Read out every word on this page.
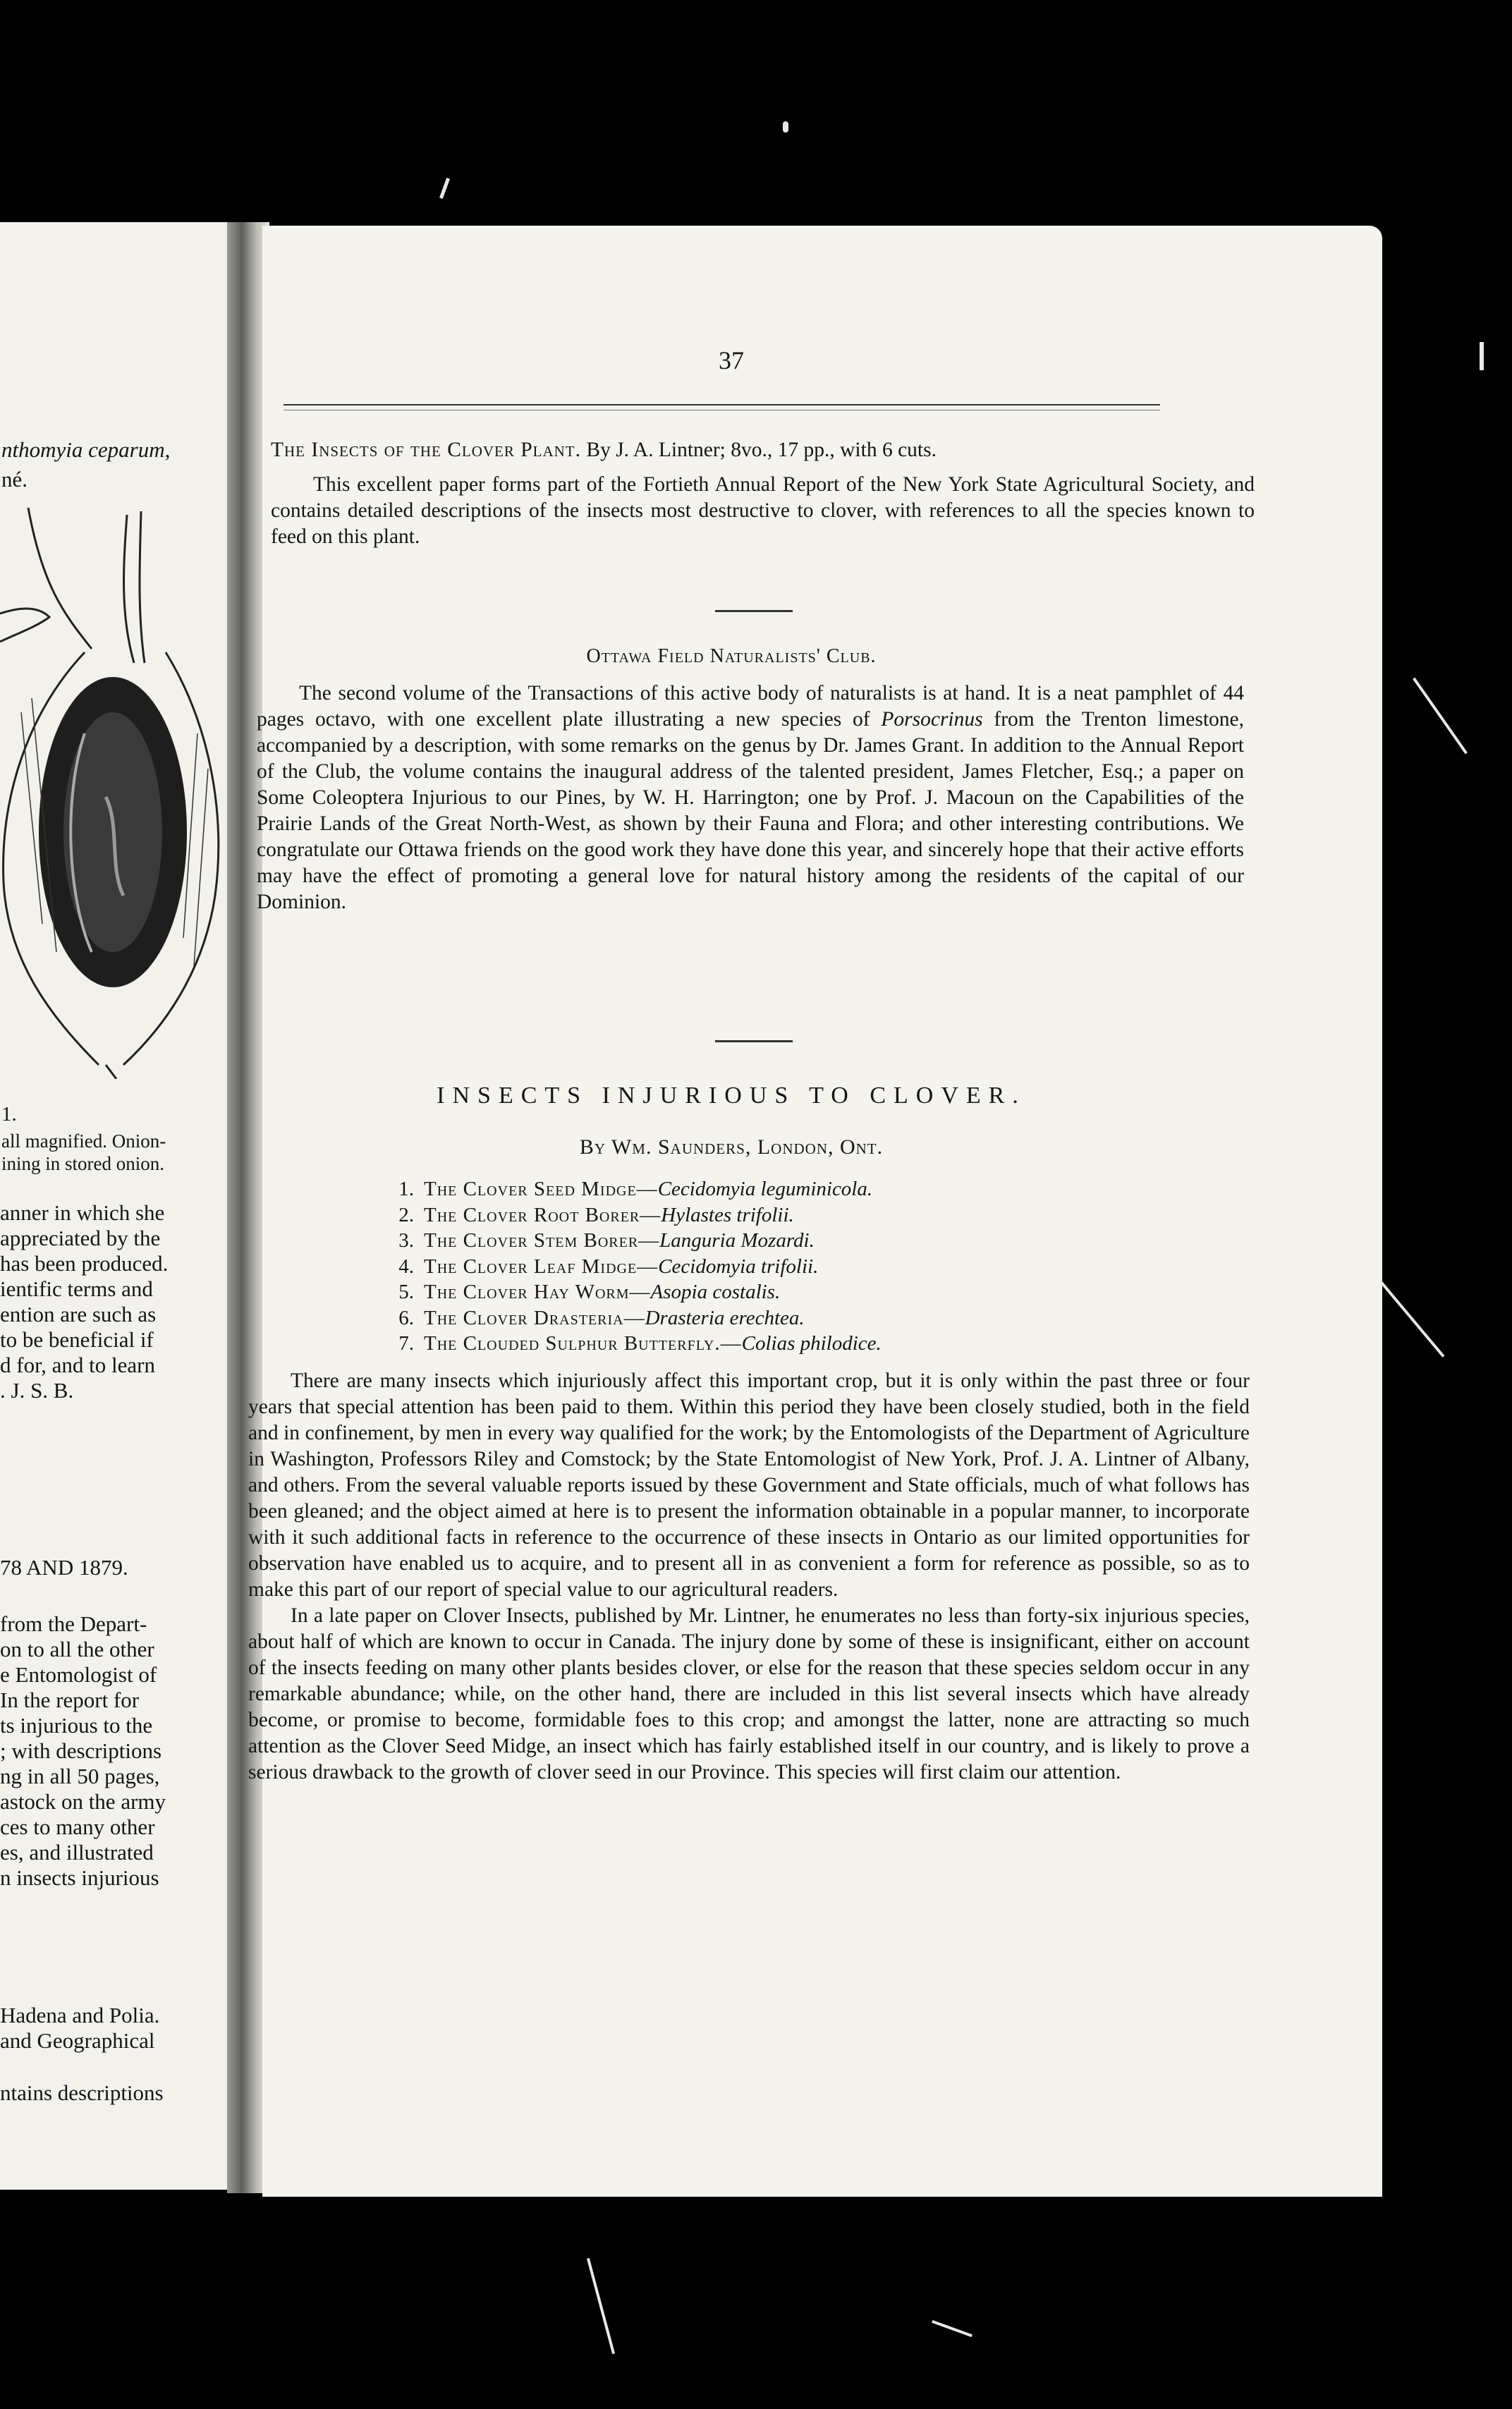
nthomyia ceparum,
né.
1.
all magnified. Onion-
ining in stored onion.
anner in which she
appreciated by the
has been produced.
ientific terms and
ention are such as
to be beneficial if
d for, and to learn
. J. S. B.
78 AND 1879.
from the Depart-
on to all the other
e Entomologist of
In the report for
ts injurious to the
; with descriptions
ng in all 50 pages,
astock on the army
ces to many other
es, and illustrated
n insects injurious
Hadena and Polia.
and Geographical
ntains descriptions
37

The Insects of the Clover Plant. By J. A. Lintner; 8vo., 17 pp., with 6 cuts.

This excellent paper forms part of the Fortieth Annual Report of the New York State Agricultural Society, and contains detailed descriptions of the insects most destructive to clover, with references to all the species known to feed on this plant.

Ottawa Field Naturalists' Club.

The second volume of the Transactions of this active body of naturalists is at hand. It is a neat pamphlet of 44 pages octavo, with one excellent plate illustrating a new species of Porsocrinus from the Trenton limestone, accompanied by a description, with some remarks on the genus by Dr. James Grant. In addition to the Annual Report of the Club, the volume contains the inaugural address of the talented president, James Fletcher, Esq.; a paper on Some Coleoptera Injurious to our Pines, by W. H. Harrington; one by Prof. J. Macoun on the Capabilities of the Prairie Lands of the Great North-West, as shown by their Fauna and Flora; and other interesting contributions. We congratulate our Ottawa friends on the good work they have done this year, and sincerely hope that their active efforts may have the effect of promoting a general love for natural history among the residents of the capital of our Dominion.

INSECTS INJURIOUS TO CLOVER.
By Wm. Saunders, London, Ont.
1. The Clover Seed Midge—Cecidomyia leguminicola.
2. The Clover Root Borer—Hylastes trifolii.
3. The Clover Stem Borer—Languria Mozardi.
4. The Clover Leaf Midge—Cecidomyia trifolii.
5. The Clover Hay Worm—Asopia costalis.
6. The Clover Drasteria—Drasteria erechtea.
7. The Clouded Sulphur Butterfly.—Colias philodice.

There are many insects which injuriously affect this important crop, but it is only within the past three or four years that special attention has been paid to them. Within this period they have been closely studied, both in the field and in confinement, by men in every way qualified for the work; by the Entomologists of the Department of Agriculture in Washington, Professors Riley and Comstock; by the State Entomologist of New York, Prof. J. A. Lintner of Albany, and others. From the several valuable reports issued by these Government and State officials, much of what follows has been gleaned; and the object aimed at here is to present the information obtainable in a popular manner, to incorporate with it such additional facts in reference to the occurrence of these insects in Ontario as our limited opportunities for observation have enabled us to acquire, and to present all in as convenient a form for reference as possible, so as to make this part of our report of special value to our agricultural readers.

In a late paper on Clover Insects, published by Mr. Lintner, he enumerates no less than forty-six injurious species, about half of which are known to occur in Canada. The injury done by some of these is insignificant, either on account of the insects feeding on many other plants besides clover, or else for the reason that these species seldom occur in any remarkable abundance; while, on the other hand, there are included in this list several insects which have already become, or promise to become, formidable foes to this crop; and amongst the latter, none are attracting so much attention as the Clover Seed Midge, an insect which has fairly established itself in our country, and is likely to prove a serious drawback to the growth of clover seed in our Province. This species will first claim our attention.
